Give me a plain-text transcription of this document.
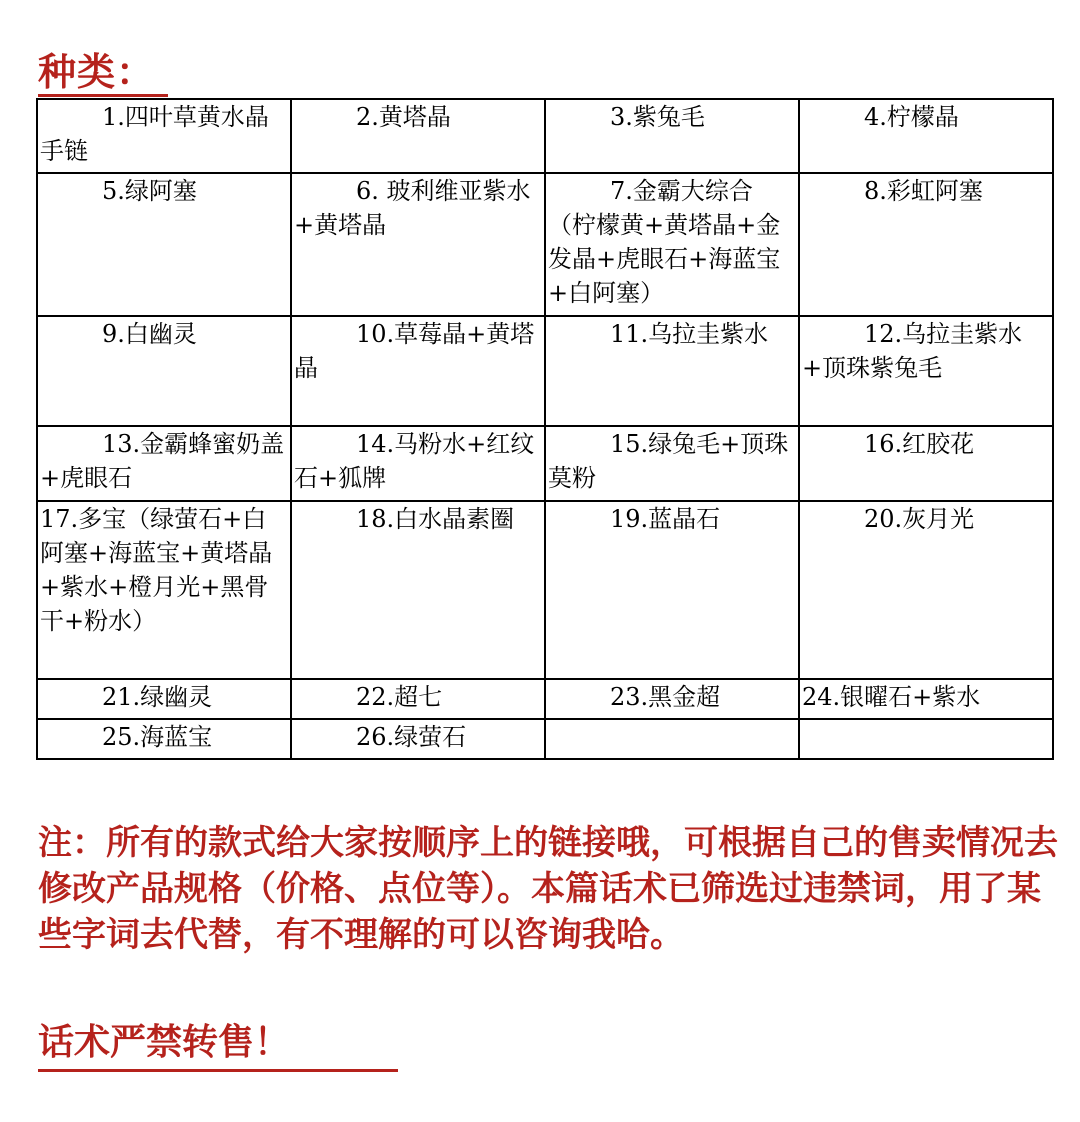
种类：
1.四叶草黄水晶手链	2.黄塔晶	3.紫兔毛	4.柠檬晶

5.绿阿塞	6. 玻利维亚紫水+黄塔晶	7.金霸大综合（柠檬黄+黄塔晶+金发晶+虎眼石+海蓝宝+白阿塞）	8.彩虹阿塞

9.白幽灵	10.草莓晶+黄塔晶	11.乌拉圭紫水	12.乌拉圭紫水+顶珠紫兔毛

13.金霸蜂蜜奶盖+虎眼石	14.马粉水+红纹石+狐牌	15.绿兔毛+顶珠莫粉	16.红胶花

17.多宝（绿萤石+白阿塞+海蓝宝+黄塔晶+紫水+橙月光+黑骨干+粉水）	18.白水晶素圈	19.蓝晶石	20.灰月光

21.绿幽灵	22.超七	23.黑金超	24.银曜石+紫水

25.海蓝宝	26.绿萤石		

注：所有的款式给大家按顺序上的链接哦，可根据自己的售卖情况去修改产品规格（价格、点位等）。本篇话术已筛选过违禁词，用了某些字词去代替，有不理解的可以咨询我哈。

话术严禁转售！
